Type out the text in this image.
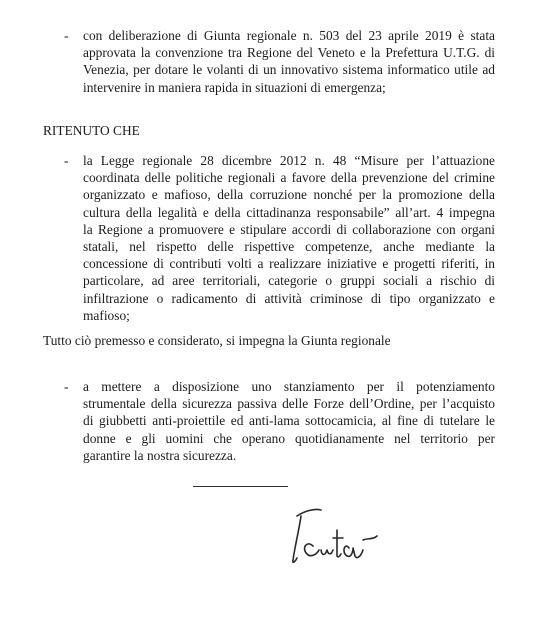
- con deliberazione di Giunta regionale n. 503 del 23 aprile 2019 è stata
approvata la convenzione tra Regione del Veneto e la Prefettura U.T.G. di
Venezia, per dotare le volanti di un innovativo sistema informatico utile ad
intervenire in maniera rapida in situazioni di emergenza;
RITENUTO CHE
- la Legge regionale 28 dicembre 2012 n. 48 “Misure per l’attuazione
coordinata delle politiche regionali a favore della prevenzione del crimine
organizzato e mafioso, della corruzione nonché per la promozione della
cultura della legalità e della cittadinanza responsabile” all’art. 4 impegna
la Regione a promuovere e stipulare accordi di collaborazione con organi
statali, nel rispetto delle rispettive competenze, anche mediante la
concessione di contributi volti a realizzare iniziative e progetti riferiti, in
particolare, ad aree territoriali, categorie o gruppi sociali a rischio di
infiltrazione o radicamento di attività criminose di tipo organizzato e
mafioso;
Tutto ciò premesso e considerato, si impegna la Giunta regionale
- a mettere a disposizione uno stanziamento per il potenziamento
strumentale della sicurezza passiva delle Forze dell’Ordine, per l’acquisto
di giubbetti anti-proiettile ed anti-lama sottocamicia, al fine di tutelare le
donne e gli uomini che operano quotidianamente nel territorio per
garantire la nostra sicurezza.
